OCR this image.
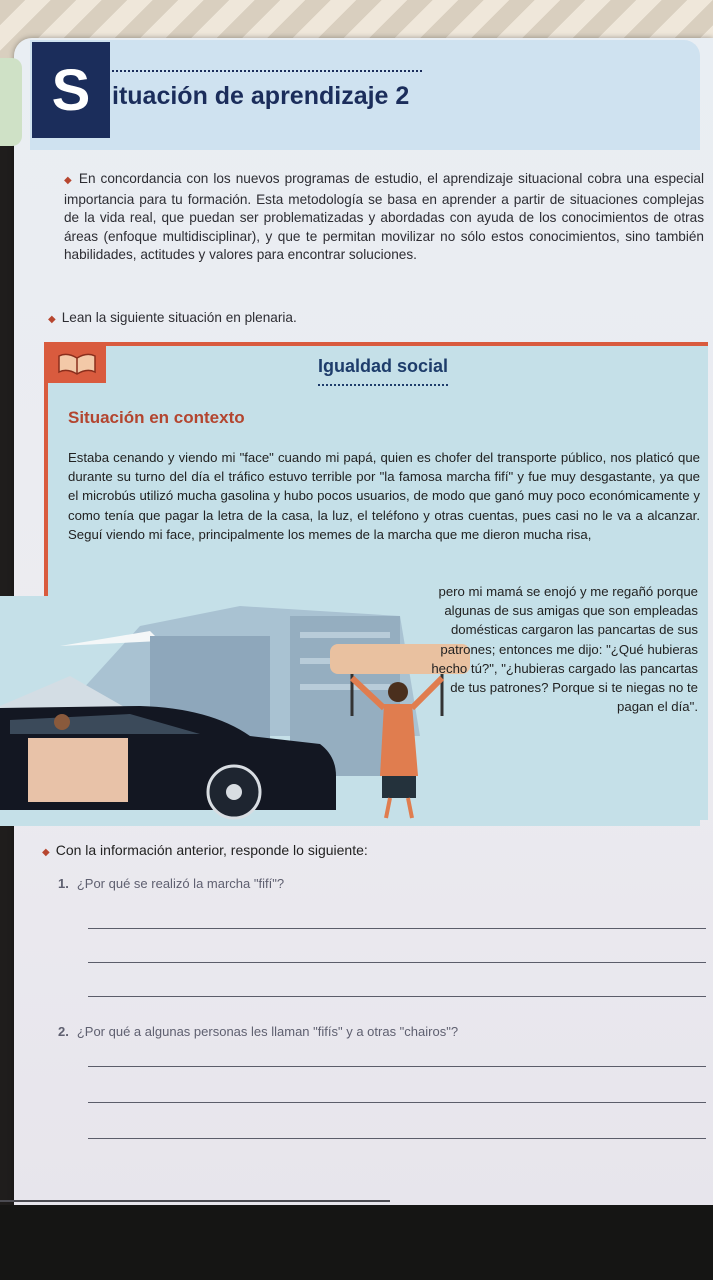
S ituación de aprendizaje 2
◆ En concordancia con los nuevos programas de estudio, el aprendizaje situacional cobra una especial importancia para tu formación. Esta metodología se basa en aprender a partir de situaciones complejas de la vida real, que puedan ser problematizadas y abordadas con ayuda de los conocimientos de otras áreas (enfoque multidisciplinar), y que te permitan movilizar no sólo estos conocimientos, sino también habilidades, actitudes y valores para encontrar soluciones.
◆ Lean la siguiente situación en plenaria.
Igualdad social
Situación en contexto
Estaba cenando y viendo mi "face" cuando mi papá, quien es chofer del transporte público, nos platicó que durante su turno del día el tráfico estuvo terrible por "la famosa marcha fifí" y fue muy desgastante, ya que el microbús utilizó mucha gasolina y hubo pocos usuarios, de modo que ganó muy poco económicamente y como tenía que pagar la letra de la casa, la luz, el teléfono y otras cuentas, pues casi no le va a alcanzar. Seguí viendo mi face, principalmente los memes de la marcha que me dieron mucha risa,
pero mi mamá se enojó y me regañó porque algunas de sus amigas que son empleadas domésticas cargaron las pancartas de sus patrones; entonces me dijo: "¿Qué hubieras hecho tú?", "¿hubieras cargado las pancartas de tus patrones? Porque si te niegas no te pagan el día".
◆ Con la información anterior, responde lo siguiente:
1. ¿Por qué se realizó la marcha "fifí"?
2. ¿Por qué a algunas personas les llaman "fifís" y a otras "chairos"?
